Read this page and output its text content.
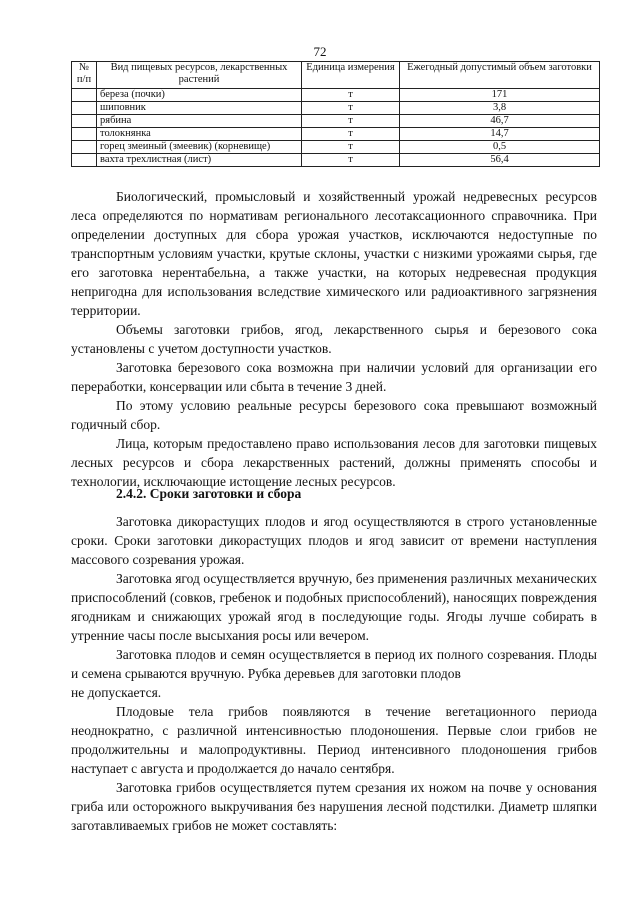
72
№ п/п	Вид пищевых ресурсов, лекарственных растений	Единица измерения	Ежегодный допустимый объем заготовки
	береза (почки)	т	171
	шиповник	т	3,8
	рябина	т	46,7
	толокнянка	т	14,7
	горец змеиный (змеевик) (корневище)	т	0,5
	вахта трехлистная (лист)	т	56,4

Биологический, промысловый и хозяйственный урожай недревесных ресурсов леса определяются по нормативам регионального лесотаксационного справочника. При определении доступных для сбора урожая участков, исключаются недоступные по транспортным условиям участки, крутые склоны, участки с низкими урожаями сырья, где его заготовка нерентабельна, а также участки, на которых недревесная продукция непригодна для использования вследствие химического или радиоактивного загрязнения территории.

Объемы заготовки грибов, ягод, лекарственного сырья и березового сока установлены с учетом доступности участков.

Заготовка березового сока возможна при наличии условий для организации его переработки, консервации или сбыта в течение 3 дней.

По этому условию реальные ресурсы березового сока превышают возможный годичный сбор.

Лица, которым предоставлено право использования лесов для заготовки пищевых лесных ресурсов и сбора лекарственных растений, должны применять способы и технологии, исключающие истощение лесных ресурсов.

2.4.2. Сроки заготовки и сбора

Заготовка дикорастущих плодов и ягод осуществляются в строго установленные сроки. Сроки заготовки дикорастущих плодов и ягод зависит от времени наступления массового созревания урожая.

Заготовка ягод осуществляется вручную, без применения различных механических приспособлений (совков, гребенок и подобных приспособлений), наносящих повреждения ягодникам и снижающих урожай ягод в последующие годы. Ягоды лучше собирать в утренние часы после высыхания росы или вечером.

Заготовка плодов и семян осуществляется в период их полного созревания. Плоды и семена срываются вручную. Рубка деревьев для заготовки плодов

не допускается.

Плодовые тела грибов появляются в течение вегетационного периода неоднократно, с различной интенсивностью плодоношения. Первые слои грибов не продолжительны и малопродуктивны. Период интенсивного плодоношения грибов наступает с августа и продолжается до начало сентября.

Заготовка грибов осуществляется путем срезания их ножом на почве у основания гриба или осторожного выкручивания без нарушения лесной подстилки. Диаметр шляпки заготавливаемых грибов не может составлять:
